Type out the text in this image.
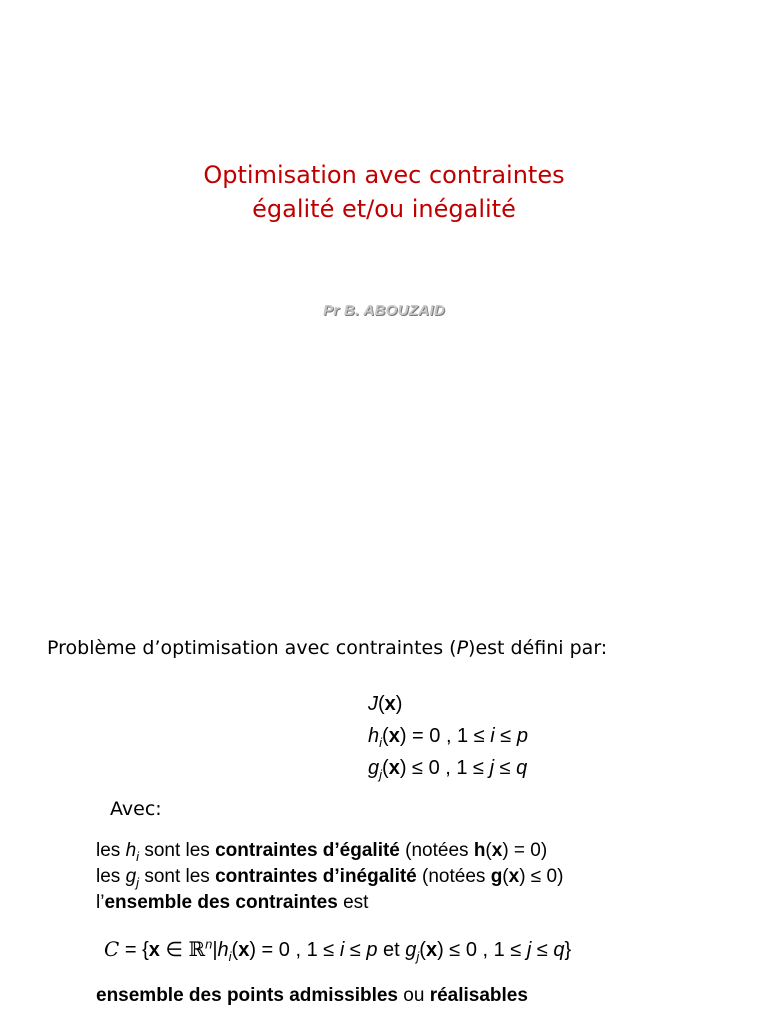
Optimisation avec contraintes
égalité et/ou inégalité
Pr B. ABOUZAID
Problème d’optimisation avec contraintes (P)est défini par:
J(x)
$h_i(x) = 0$ , 1 ≤ i ≤ p
$g_j(x) \le 0$ , 1 ≤ j ≤ q
Avec:
les $h_i$ sont les contraintes d’égalité (notées h(x) = 0)
les $g_j$ sont les contraintes d’inégalité (notées g(x) ≤ 0)
l’ensemble des contraintes est
C = {x ∈ $ℝ^n|h_i(x) = 0$ , 1 ≤ i ≤ p et $g_j(x) \le 0$ , 1 ≤ j ≤ q}
ensemble des points admissibles ou réalisables
